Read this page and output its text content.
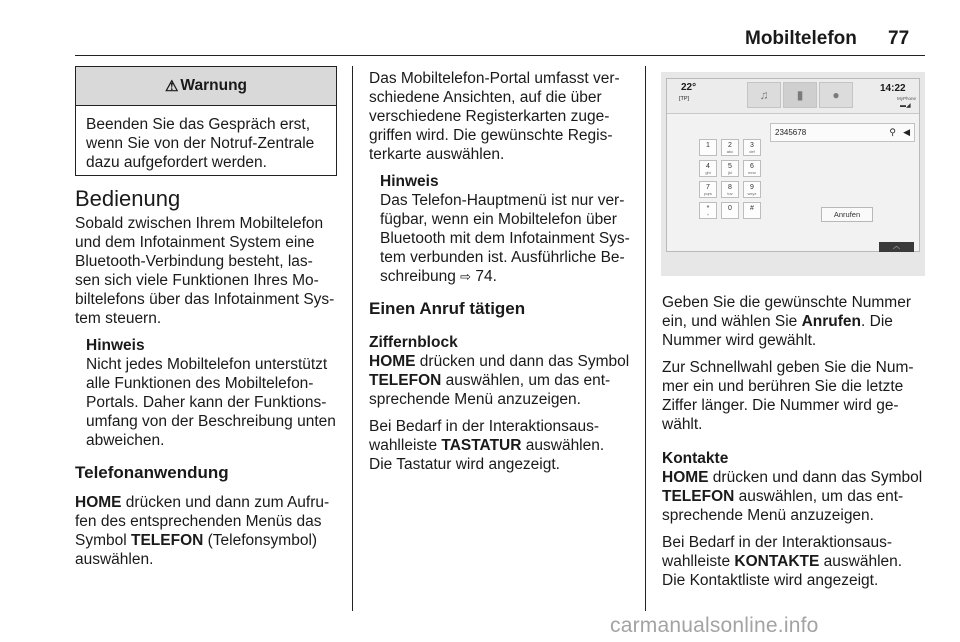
Mobiltelefon 77
⚠ Warnung
Beenden Sie das Gespräch erst, wenn Sie von der Notruf-Zentrale dazu aufgefordert werden.
Bedienung
Sobald zwischen Ihrem Mobiltelefon
und dem Infotainment System eine
Bluetooth-Verbindung besteht, las-
sen sich viele Funktionen Ihres Mo-
biltelefons über das Infotainment Sys-
tem steuern.
Hinweis
Nicht jedes Mobiltelefon unterstützt
alle Funktionen des Mobiltelefon-
Portals. Daher kann der Funktions-
umfang von der Beschreibung unten
abweichen.
Telefonanwendung
HOME drücken und dann zum Aufru-
fen des entsprechenden Menüs das
Symbol TELEFON (Telefonsymbol)
auswählen.
Das Mobiltelefon-Portal umfasst ver-
schiedene Ansichten, auf die über
verschiedene Registerkarten zuge-
griffen wird. Die gewünschte Regis-
terkarte auswählen.
Hinweis
Das Telefon-Hauptmenü ist nur ver-
fügbar, wenn ein Mobiltelefon über
Bluetooth mit dem Infotainment Sys-
tem verbunden ist. Ausführliche Be-
schreibung ⇨ 74.
Einen Anruf tätigen
Ziffernblock
HOME drücken und dann das Symbol
TELEFON auswählen, um das ent-
sprechende Menü anzuzeigen.
Bei Bedarf in der Interaktionsaus-
wahlleiste TASTATUR auswählen.
Die Tastatur wird angezeigt.
22°
[TP]	♫	▮	●	14:22
MyPhone
▬◢
2345678	⚲ ◀
Anrufen
︿
1	2
abc
3
def
4
ghi
5
jkl
6
mno
7
pqrs
8
tuv
9
wxyz
*
+
0	#
Geben Sie die gewünschte Nummer
ein, und wählen Sie Anrufen. Die
Nummer wird gewählt.
Zur Schnellwahl geben Sie die Num-
mer ein und berühren Sie die letzte
Ziffer länger. Die Nummer wird ge-
wählt.
Kontakte
HOME drücken und dann das Symbol
TELEFON auswählen, um das ent-
sprechende Menü anzuzeigen.
Bei Bedarf in der Interaktionsaus-
wahlleiste KONTAKTE auswählen.
Die Kontaktliste wird angezeigt.
carmanualsonline.info
